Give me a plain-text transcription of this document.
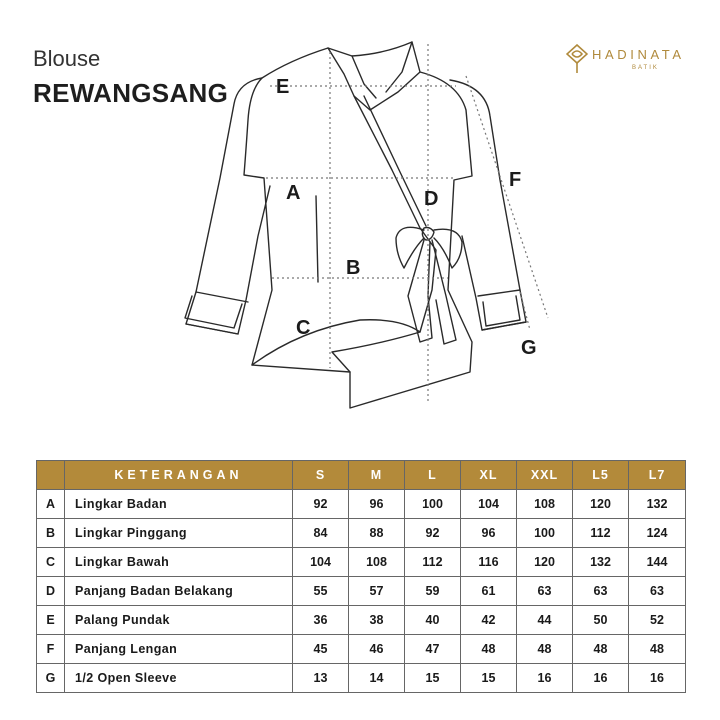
Blouse
REWANGSANG
HADINATA
BATIK
E
A	D
B
C
F
G
	KETERANGAN	S	M	L	XL	XXL	L5	L7
A	Lingkar Badan	92	96	100	104	108	120	132
B	Lingkar Pinggang	84	88	92	96	100	112	124
C	Lingkar Bawah	104	108	112	116	120	132	144
D	Panjang Badan Belakang	55	57	59	61	63	63	63
E	Palang Pundak	36	38	40	42	44	50	52
F	Panjang Lengan	45	46	47	48	48	48	48
G	1/2 Open Sleeve	13	14	15	15	16	16	16
